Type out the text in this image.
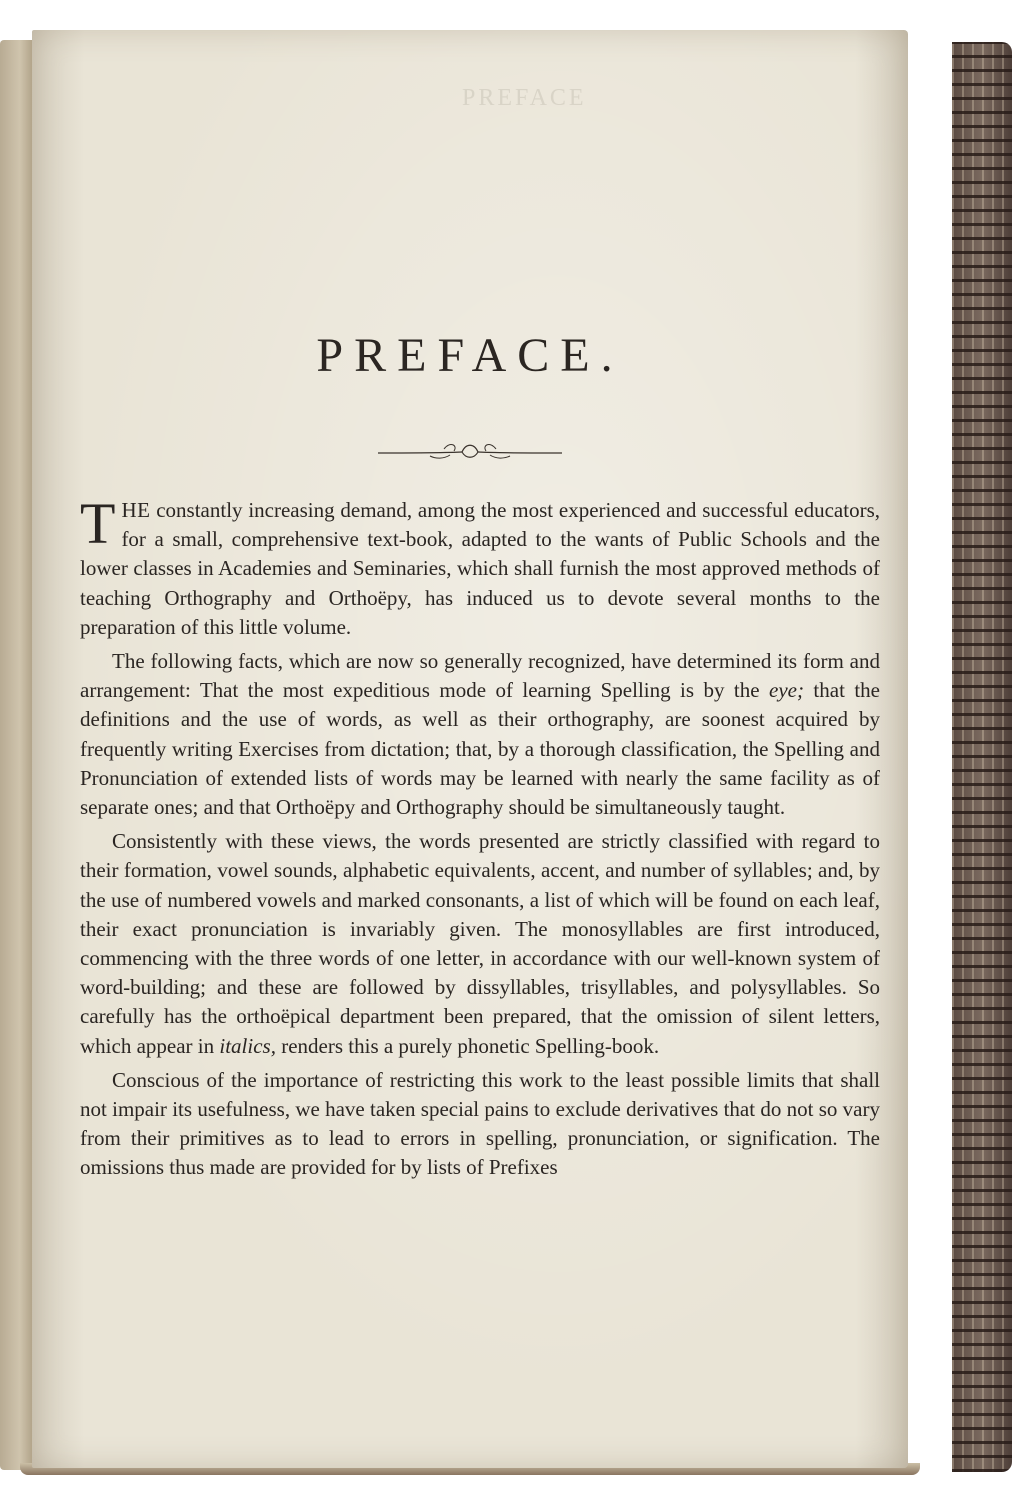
PREFACE
PREFACE.

THE constantly increasing demand, among the most experienced and successful educators, for a small, comprehensive text-book, adapted to the wants of Public Schools and the lower classes in Academies and Seminaries, which shall furnish the most approved methods of teaching Orthography and Orthoëpy, has induced us to devote several months to the preparation of this little volume.

The following facts, which are now so generally recognized, have determined its form and arrangement: That the most expeditious mode of learning Spelling is by the eye; that the definitions and the use of words, as well as their orthography, are soonest acquired by frequently writing Exercises from dictation; that, by a thorough classification, the Spelling and Pronunciation of extended lists of words may be learned with nearly the same facility as of separate ones; and that Orthoëpy and Orthography should be simultaneously taught.

Consistently with these views, the words presented are strictly classified with regard to their formation, vowel sounds, alphabetic equivalents, accent, and number of syllables; and, by the use of numbered vowels and marked consonants, a list of which will be found on each leaf, their exact pronunciation is invariably given. The monosyllables are first introduced, commencing with the three words of one letter, in accordance with our well-known system of word-building; and these are followed by dissyllables, trisyllables, and polysyllables. So carefully has the orthoëpical department been prepared, that the omission of silent letters, which appear in italics, renders this a purely phonetic Spelling-book.

Conscious of the importance of restricting this work to the least possible limits that shall not impair its usefulness, we have taken special pains to exclude derivatives that do not so vary from their primitives as to lead to errors in spelling, pronunciation, or signification. The omissions thus made are provided for by lists of Prefixes
